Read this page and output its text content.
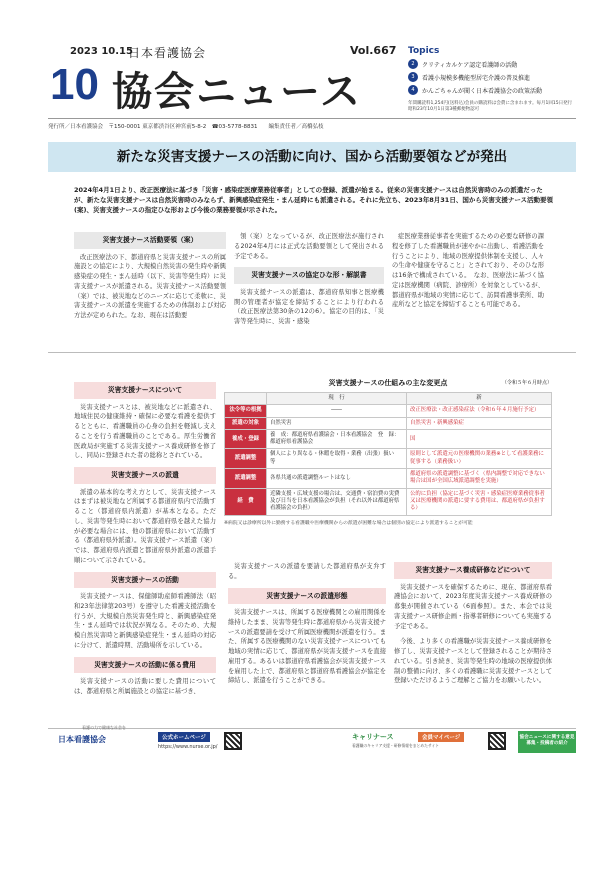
2023 10.15
日本看護協会
10 協会ニュース
Vol.667 Topics
2	クリティカルケア認定看護師の活動
3	看護小規模多機能型居宅介護の普及推進
4	かんごちゃんが聞く日本看護協会の政策活動
年間購読料1,254円(送料込)会員の購読料は会費に含まれます。毎月1回15日発行　昭和23年10月1日第3種郵便物認可
発行所／日本看護協会　〒150-0001 東京都渋谷区神宮前5-8-2　☎03-5778-8831　　編集責任者／高橋弘枝
新たな災害支援ナースの活動に向け、国から活動要領などが発出
2024年4月1日より、改正医療法に基づき「災害・感染症医療業務従事者」としての登録、派遣が始まる。従来の災害支援ナースは自然災害時のみの派遣だったが、新たな災害支援ナースは自然災害時のみならず、新興感染症発生・まん延時にも派遣される。それに先立ち、2023年8月31日、国から災害支援ナース活動要領(案)、災害支援ナースの指定ひな形および今後の業務要領が示された。
災害支援ナース活動要領（案）

改正医療法の下、都道府県と災害支援ナースの所属施設との協定により、大規模自然災害の発生時や新興感染症の発生・まん延時（以下、災害等発生時）に災害支援ナースが派遣される。災害支援ナース活動要領（案）では、被災地などのニーズに応じて柔軟に、災害支援ナースの派遣を実施するための体制および対応方法が定められた。なお、現在は活動要

領（案）となっているが、改正医療法が施行される2024年4月には正式な活動要領として発出される予定である。

災害支援ナースの協定ひな形・解説書

災害支援ナースの派遣は、都道府県知事と医療機関の管理者が協定を締結することにより行われる（改正医療法第30条の12の6）。協定の目的は、「災害等発生時に、災害・感染

症医療業務従事者を実施するための必要な研修の課程を修了した看護職員が速やかに出動し、看護活動を行うことにより、地域の医療提供体制を支援し、人々の生命や健康を守ること」とされており、そのひな形は16条で構成されている。　なお、医療法に基づく協定は医療機関（病院、診療所）を対象としているが、都道府県が地域の実情に応じて、訪問看護事業所、助産所などと協定を締結することも可能である。

災害支援ナースについて

災害支援ナースとは、被災地などに派遣され、地域住民の健康維持・確保に必要な看護を提供するとともに、看護職員の心身の負担を軽減し支えることを行う看護職員のことである。厚生労働省医政局が実施する災害支援ナース養成研修を修了し、同局に登録された者の総称とされている。

災害支援ナースの派遣

派遣の基本的な考え方として、災害支援ナースはまずは被災地など所属する都道府県内で活動すること（都道府県内派遣）が基本となる。ただし、災害等発生時において都道府県を越えた協力が必要な場合には、他の都道府県において活動する（都道府県外派遣）。災害支援ナース派遣（案）では、都道府県内派遣と都道府県外派遣の派遣手順について示されている。

災害支援ナースの活動

災害支援ナースは、保健師助産師看護師法（昭和23年法律第203号）を遵守した看護支援活動を行うが、大規模自然災害発生時と、新興感染症発生・まん延時では状況が異なる。そのため、大規模自然災害時と新興感染症発生・まん延時の対応に分けて、派遣時期、活動場所を示している。

災害支援ナースの活動に係る費用

災害支援ナースの活動に要した費用については、都道府県と所属施設との協定に基づき、

災害支援ナースの仕組みの主な変更点	（令和５年６月時点）
	現　行	新
法令等の根拠	――	改正医療法・改正感染症法（令和６年４月施行予定）
派遣の対象	自然災害	自然災害・新興感染症
養成・登録	養　成：都道府県看護協会・日本看護協会　登　録：都道府県看護協会	国
派遣調整	個人により異なる・休暇を取得・業務（出張）扱い　等	原則として派遣元の医療機関の業務※として看護業務に従事する（業務扱い）
派遣調整	各県共通の派遣調整ルートはなし	都道府県の派遣調整に基づく（県内調整で対応できない場合は国が全国広域派遣調整を実施）
経　費	近隣支援・広域支援の場合は、交通費・宿泊費の実費及び日当を日本看護協会が負担（それ以外は都道府県看護協会の負担）	公的に負担（協定に基づく災害・感染症医療業務従事者又は医療機関の派遣に要する費用は、都道府県が負担する）
※病院又は診療所以外に勤務する看護職や医療機関からの派遣が困難な場合は個別の協定により派遣することが可能

災害支援ナースの派遣を要請した都道府県が支弁する。

災害支援ナースの派遣形態

災害支援ナースは、所属する医療機関との雇用関係を維持したまま、災害等発生時に都道府県から災害支援ナースの派遣要請を受けて所属医療機関が派遣を行う。また、所属する医療機関のない災害支援ナースについても地域の実情に応じて、都道府県が災害支援ナースを直接雇用する。あるいは都道府県看護協会が災害支援ナースを雇用した上で、都道府県と都道府県看護協会が協定を締結し、派遣を行うことができる。

災害支援ナース養成研修などについて

災害支援ナースを確保するために、現在、都道府県看護協会において、2023年度災害支援ナース養成研修の募集が開催されている（6面参照）。また、本会では災害支援ナース研修企画・指導者研修についても実施する予定である。

今後、より多くの看護職が災害支援ナース養成研修を修了し、災害支援ナースとして登録されることが期待されている。引き続き、災害等発生時の地域の医療提供体制の整備に向け、多くの看護職に災害支援ナースとして登録いただけるようご理解とご協力をお願いしたい。

日本看護協会
看護の力で健康な社会を
公式ホームページ
https://www.nurse.or.jp/
キャリナース
看護職のキャリア支援・研修情報をまとめたサイト
会員マイページ	協会ニュースに関する意見募集・投稿者の紹介
